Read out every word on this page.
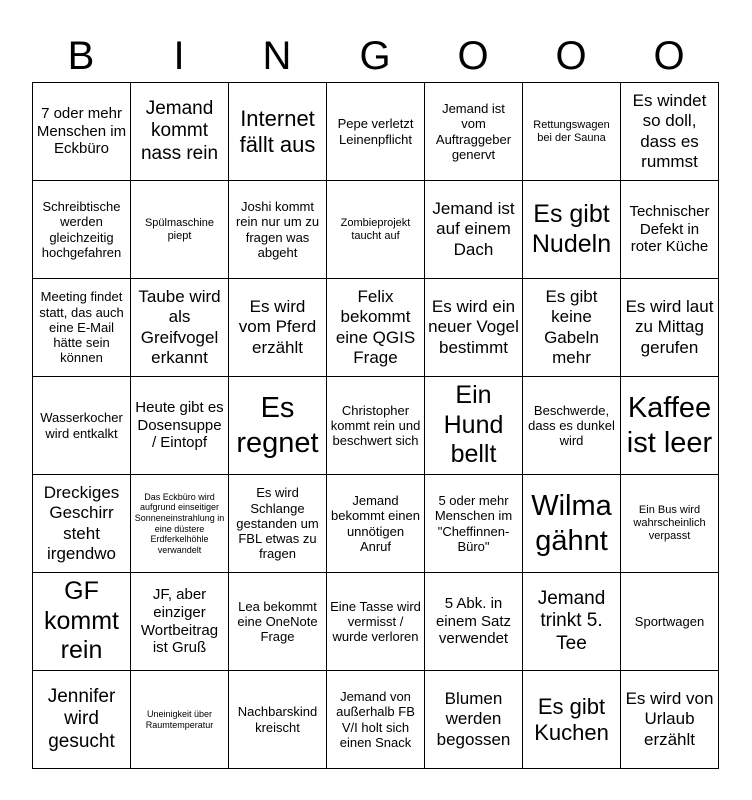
B	I	N	G	O	O	O
7 oder mehr Menschen im Eckbüro	Jemand kommt nass rein	Internet fällt aus	Pepe verletzt Leinenpflicht	Jemand ist vom Auftraggeber genervt	Rettungswagen bei der Sauna	Es windet so doll, dass es rummst
Schreibtische werden gleichzeitig hochgefahren	Spülmaschine piept	Joshi kommt rein nur um zu fragen was abgeht	Zombieprojekt taucht auf	Jemand ist auf einem Dach	Es gibt Nudeln	Technischer Defekt in roter Küche
Meeting findet statt, das auch eine E-Mail hätte sein können	Taube wird als Greifvogel erkannt	Es wird vom Pferd erzählt	Felix bekommt eine QGIS Frage	Es wird ein neuer Vogel bestimmt	Es gibt keine Gabeln mehr	Es wird laut zu Mittag gerufen
Wasserkocher wird entkalkt	Heute gibt es Dosensuppe / Eintopf	Es regnet	Christopher kommt rein und beschwert sich	Ein Hund bellt	Beschwerde, dass es dunkel wird	Kaffee ist leer
Dreckiges Geschirr steht irgendwo	Das Eckbüro wird aufgrund einseitiger Sonneneinstrahlung in eine düstere Erdferkelhöhle verwandelt	Es wird Schlange gestanden um FBL etwas zu fragen	Jemand bekommt einen unnötigen Anruf	5 oder mehr Menschen im "Cheffinnen-Büro"	Wilma gähnt	Ein Bus wird wahrscheinlich verpasst
GF kommt rein	JF, aber einziger Wortbeitrag ist Gruß	Lea bekommt eine OneNote Frage	Eine Tasse wird vermisst / wurde verloren	5 Abk. in einem Satz verwendet	Jemand trinkt 5. Tee	Sportwagen
Jennifer wird gesucht	Uneinigkeit über Raumtemperatur	Nachbarskind kreischt	Jemand von außerhalb FB V/I holt sich einen Snack	Blumen werden begossen	Es gibt Kuchen	Es wird von Urlaub erzählt
